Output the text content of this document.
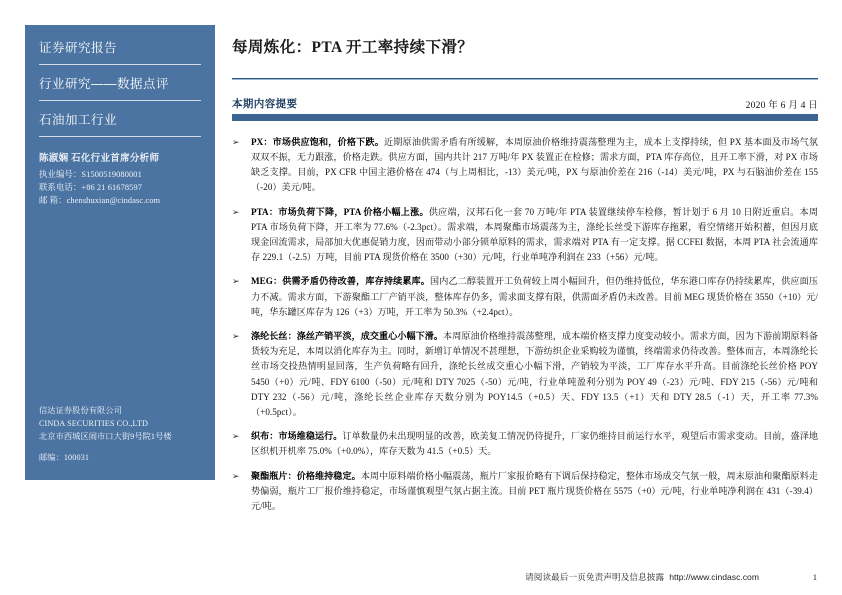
证券研究报告
行业研究——数据点评
石油加工行业
陈淑娴 石化行业首席分析师
执业编号：S1500519080001
联系电话：+86 21 61678597
邮 箱：chenshuxian@cindasc.com
信达证券股份有限公司
CINDA SECURITIES CO.,LTD
北京市西城区闹市口大街9号院1号楼
邮编：100031
每周炼化：PTA 开工率持续下滑？
本期内容提要	2020 年 6 月 4 日
➢	PX：市场供应饱和，价格下跌。近期原油供需矛盾有所缓解，本周原油价格维持震荡整理为主，成本上支撑持续，但 PX 基本面及市场气氛双双不振，无力跟涨，价格走跌。供应方面，国内共计 217 万吨/年 PX 装置正在检修；需求方面，PTA 库存高位，且开工率下滑，对 PX 市场缺乏支撑。目前，PX CFR 中国主港价格在 474（与上周相比，-13）美元/吨，PX 与原油价差在 216（-14）美元/吨，PX 与石脑油价差在 155（-20）美元/吨。
➢	PTA：市场负荷下降，PTA 价格小幅上涨。供应端，汉邦石化一套 70 万吨/年 PTA 装置继续停车检修，暂计划于 6 月 10 日附近重启。本周 PTA 市场负荷下降，开工率为 77.6%（-2.3pct）。需求端，本周聚酯市场震荡为主，涤纶长丝受下游库存拖累，看空情绪开始积蓄，但因月底现金回流需求，局部加大优惠促销力度，因而带动小部分锁单原料的需求，需求端对 PTA 有一定支撑。据 CCFEI 数据，本周 PTA 社会流通库存 229.1（-2.5）万吨，目前 PTA 现货价格在 3500（+30）元/吨，行业单吨净利润在 233（+56）元/吨。
➢	MEG：供需矛盾仍待改善，库存持续累库。国内乙二醇装置开工负荷较上周小幅回升，但仍维持低位，华东港口库存仍持续累库，供应面压力不减。需求方面，下游聚酯工厂产销平淡，整体库存仍多，需求面支撑有限，供需面矛盾仍未改善。目前 MEG 现货价格在 3550（+10）元/吨，华东罐区库存为 126（+3）万吨，开工率为 50.3%（+2.4pct）。
➢	涤纶长丝：涤丝产销平淡，成交重心小幅下滑。本周原油价格维持震荡整理，成本端价格支撑力度变动较小。需求方面，因为下游前期原料备货较为充足，本周以消化库存为主。同时，新增订单情况不甚理想，下游纺织企业采购较为谨慎，终端需求仍待改善。整体而言，本周涤纶长丝市场交投热情明显回落，生产负荷略有回升，涤纶长丝成交重心小幅下滑，产销较为平淡，工厂库存水平升高。目前涤纶长丝价格 POY 5450（+0）元/吨、FDY 6100（-50）元/吨和 DTY 7025（-50）元/吨，行业单吨盈利分别为 POY 49（-23）元/吨、FDY 215（-56）元/吨和 DTY 232（-56）元/吨，涤纶长丝企业库存天数分别为 POY14.5（+0.5）天、FDY 13.5（+1）天和 DTY 28.5（-1）天，开工率 77.3%（+0.5pct）。
➢	织布：市场维稳运行。订单数量仍未出现明显的改善，欧美复工情况仍待提升，厂家仍维持目前运行水平，观望后市需求变动。目前，盛泽地区织机开机率 75.0%（+0.0%），库存天数为 41.5（+0.5）天。
➢	聚酯瓶片：价格维持稳定。本周中原料端价格小幅震荡，瓶片厂家报价略有下调后保持稳定，整体市场成交气氛一般，周末原油和聚酯原料走势偏弱，瓶片工厂报价维持稳定，市场谨慎观望气氛占据主流。目前 PET 瓶片现货价格在 5575（+0）元/吨，行业单吨净利润在 431（-39.4）元/吨。
请阅读最后一页免责声明及信息披露 http://www.cindasc.com	1
